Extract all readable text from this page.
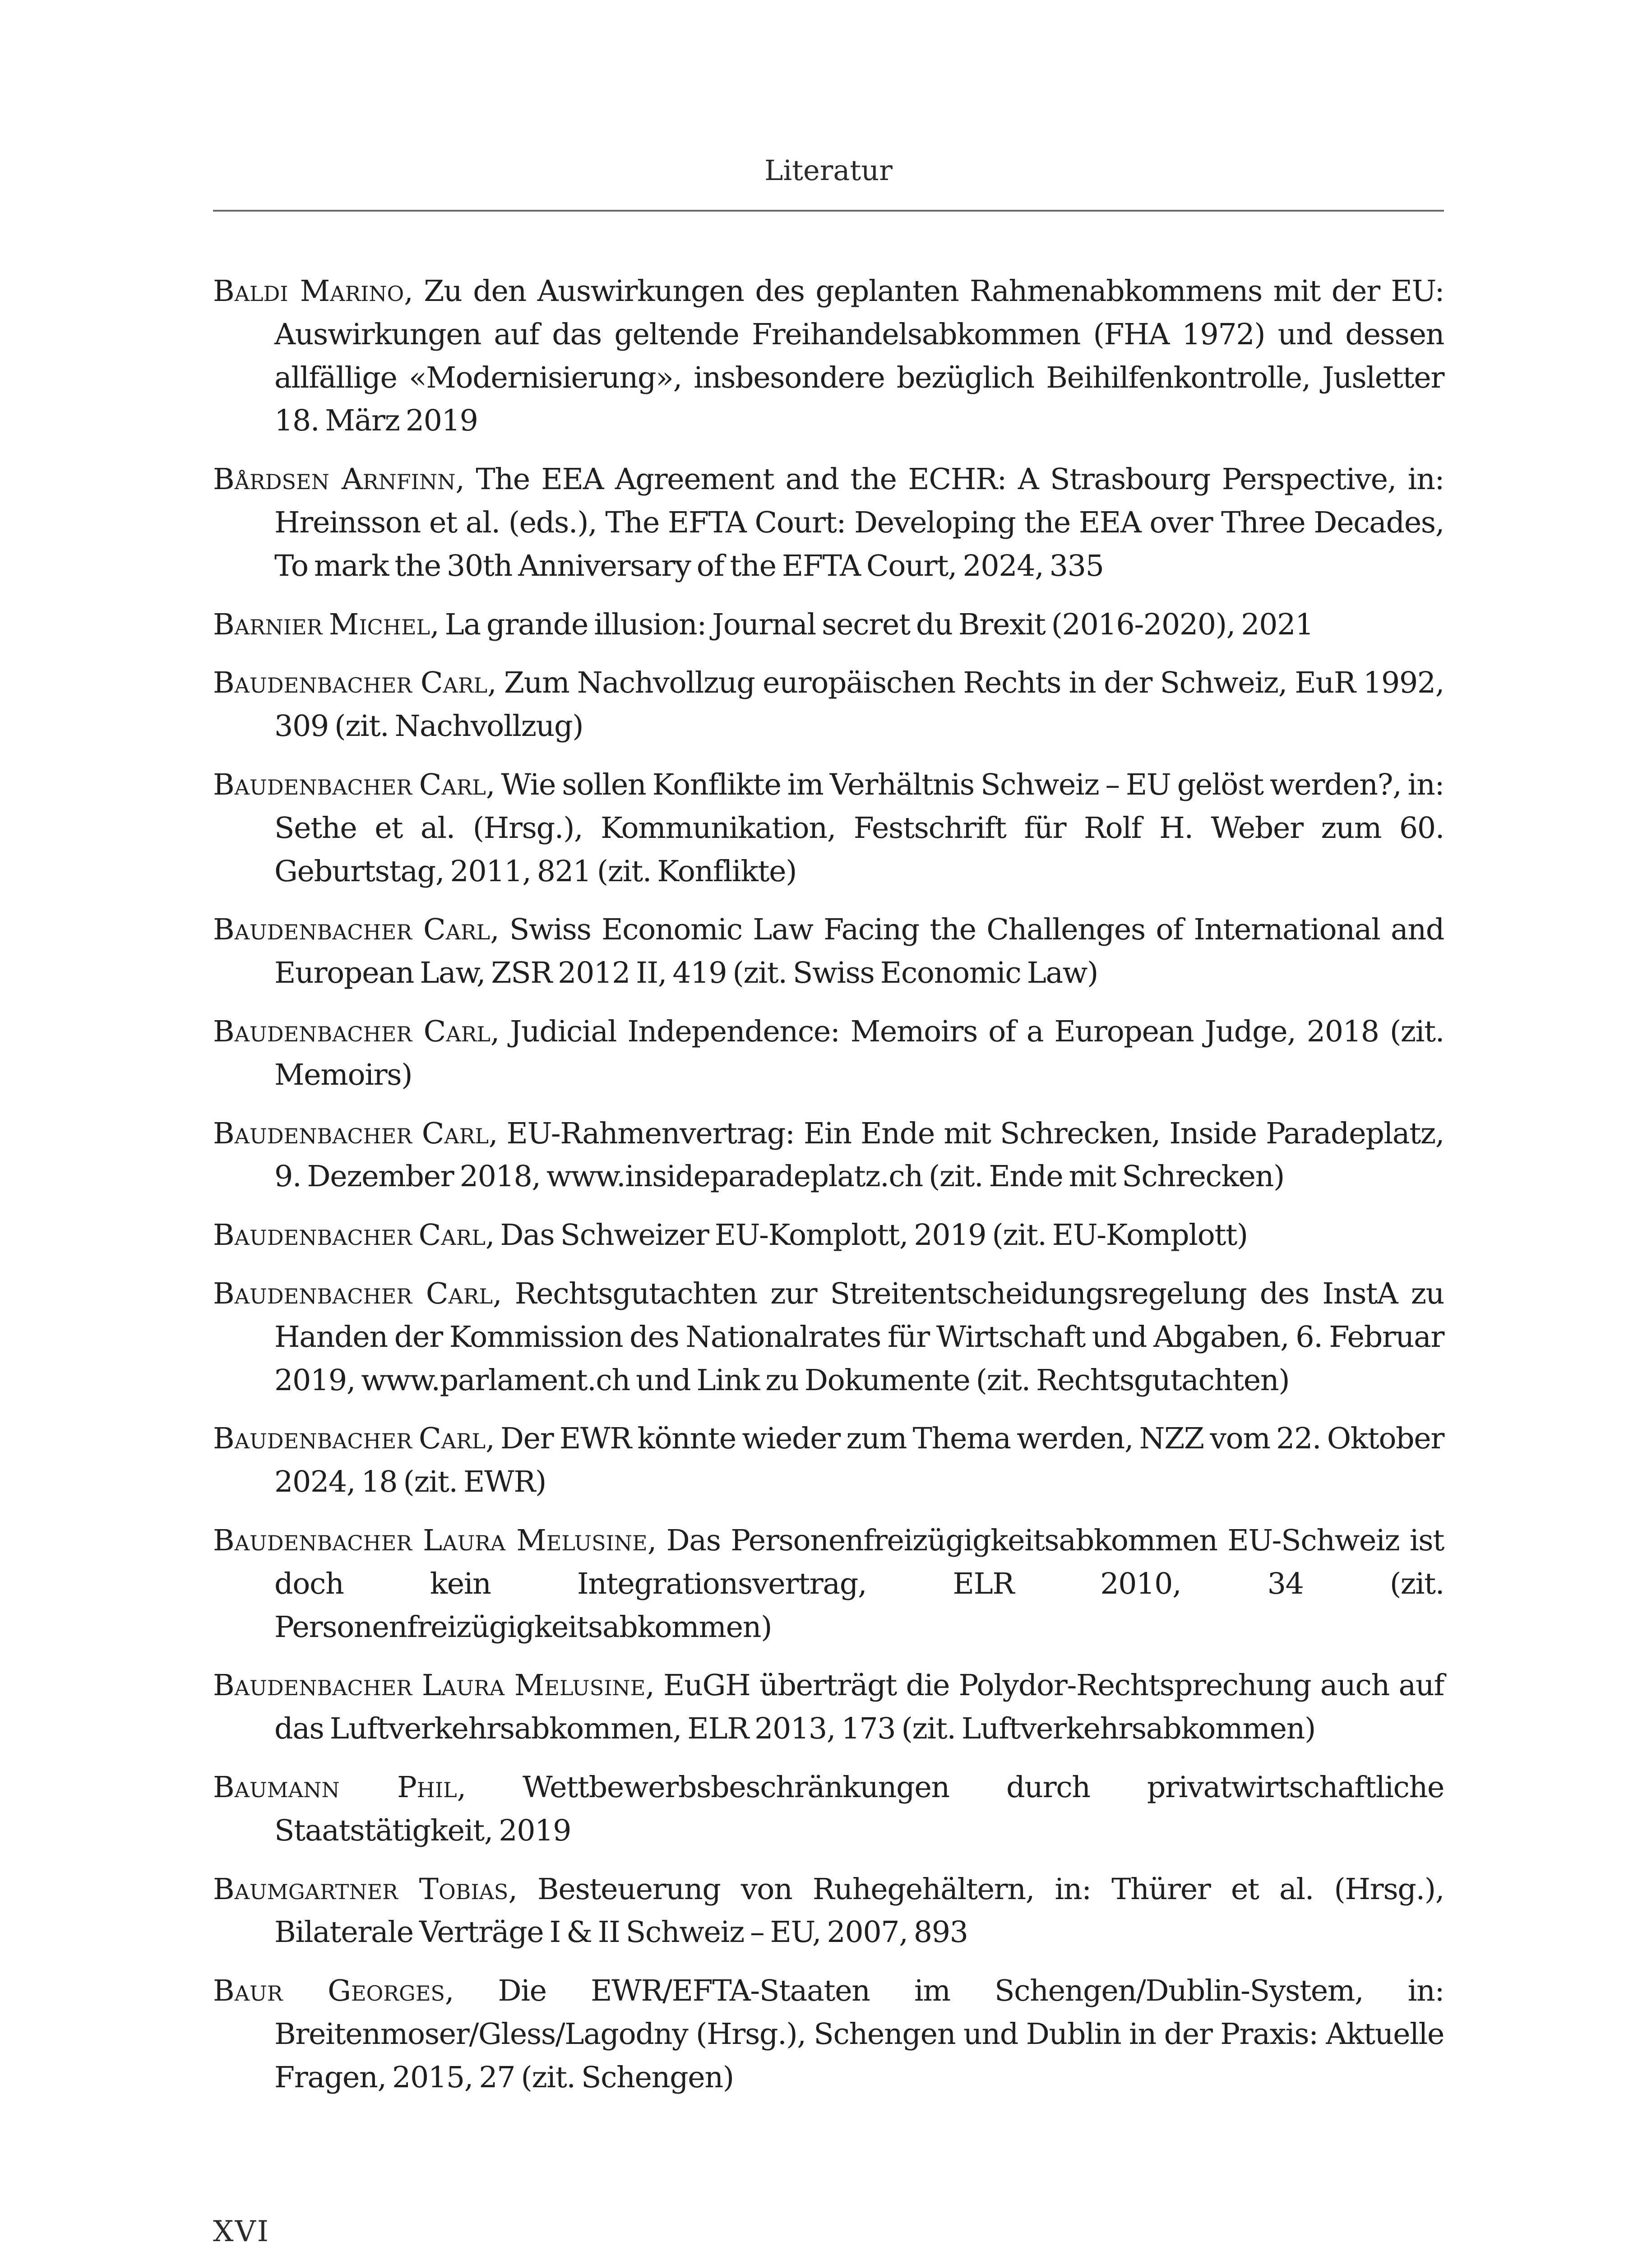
Literatur
Baldi Marino, Zu den Auswirkungen des geplanten Rahmenabkommens mit der EU: Auswirkungen auf das geltende Freihandelsabkommen (FHA 1972) und dessen allfällige «Modernisierung», insbesondere bezüglich Beihilfenkontrolle, Jusletter 18. März 2019
Bårdsen Arnfinn, The EEA Agreement and the ECHR: A Strasbourg Perspective, in: Hreinsson et al. (eds.), The EFTA Court: Developing the EEA over Three Decades, To mark the 30th Anniversary of the EFTA Court, 2024, 335
Barnier Michel, La grande illusion: Journal secret du Brexit (2016-2020), 2021
Baudenbacher Carl, Zum Nachvollzug europäischen Rechts in der Schweiz, EuR 1992, 309 (zit. Nachvollzug)
Baudenbacher Carl, Wie sollen Konflikte im Verhältnis Schweiz – EU gelöst werden?, in: Sethe et al. (Hrsg.), Kommunikation, Festschrift für Rolf H. Weber zum 60. Geburtstag, 2011, 821 (zit. Konflikte)
Baudenbacher Carl, Swiss Economic Law Facing the Challenges of International and European Law, ZSR 2012 II, 419 (zit. Swiss Economic Law)
Baudenbacher Carl, Judicial Independence: Memoirs of a European Judge, 2018 (zit. Memoirs)
Baudenbacher Carl, EU-Rahmenvertrag: Ein Ende mit Schrecken, Inside Paradeplatz, 9. Dezember 2018, www.insideparadeplatz.ch (zit. Ende mit Schrecken)
Baudenbacher Carl, Das Schweizer EU-Komplott, 2019 (zit. EU-Komplott)
Baudenbacher Carl, Rechtsgutachten zur Streitentscheidungsregelung des InstA zu Handen der Kommission des Nationalrates für Wirtschaft und Abgaben, 6. Februar 2019, www.parlament.ch und Link zu Dokumente (zit. Rechtsgutachten)
Baudenbacher Carl, Der EWR könnte wieder zum Thema werden, NZZ vom 22. Oktober 2024, 18 (zit. EWR)
Baudenbacher Laura Melusine, Das Personenfreizügigkeitsabkommen EU-Schweiz ist doch kein Integrationsvertrag, ELR 2010, 34 (zit. Personenfreizügigkeitsabkommen)
Baudenbacher Laura Melusine, EuGH überträgt die Polydor-Rechtsprechung auch auf das Luftverkehrsabkommen, ELR 2013, 173 (zit. Luftverkehrsabkommen)
Baumann Phil, Wettbewerbsbeschränkungen durch privatwirtschaftliche Staatstätigkeit, 2019
Baumgartner Tobias, Besteuerung von Ruhegehältern, in: Thürer et al. (Hrsg.), Bilaterale Verträge I & II Schweiz – EU, 2007, 893
Baur Georges, Die EWR/EFTA-Staaten im Schengen/Dublin-System, in: Breitenmoser/Gless/Lagodny (Hrsg.), Schengen und Dublin in der Praxis: Aktuelle Fragen, 2015, 27 (zit. Schengen)
XVI
